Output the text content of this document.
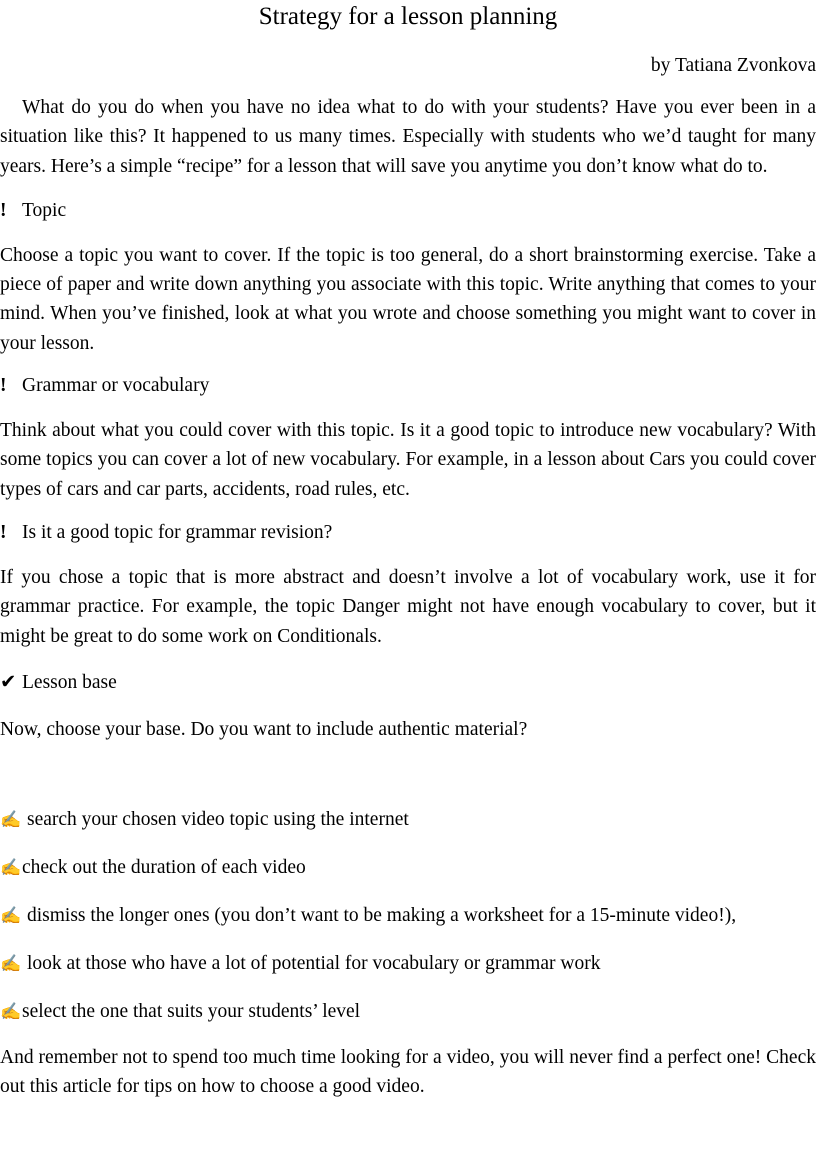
Strategy for a lesson planning

by Tatiana Zvonkova

What do you do when you have no idea what to do with your students? Have you ever been in a situation like this? It happened to us many times. Especially with students who we’d taught for many years. Here’s a simple “recipe” for a lesson that will save you anytime you don’t know what do to.

! Topic

Choose a topic you want to cover. If the topic is too general, do a short brainstorming exercise. Take a piece of paper and write down anything you associate with this topic. Write anything that comes to your mind. When you’ve finished, look at what you wrote and choose something you might want to cover in your lesson.

! Grammar or vocabulary

Think about what you could cover with this topic. Is it a good topic to introduce new vocabulary? With some topics you can cover a lot of new vocabulary. For example, in a lesson about Cars you could cover types of cars and car parts, accidents, road rules, etc.

! Is it a good topic for grammar revision?

If you chose a topic that is more abstract and doesn’t involve a lot of vocabulary work, use it for grammar practice. For example, the topic Danger might not have enough vocabulary to cover, but it might be great to do some work on Conditionals.

✔ Lesson base

Now, choose your base. Do you want to include authentic material?

✍ search your chosen video topic using the internet
✍ check out the duration of each video
✍ dismiss the longer ones (you don’t want to be making a worksheet for a 15-minute video!),
✍ look at those who have a lot of potential for vocabulary or grammar work
✍ select the one that suits your students’ level

And remember not to spend too much time looking for a video, you will never find a perfect one! Check out this article for tips on how to choose a good video.
